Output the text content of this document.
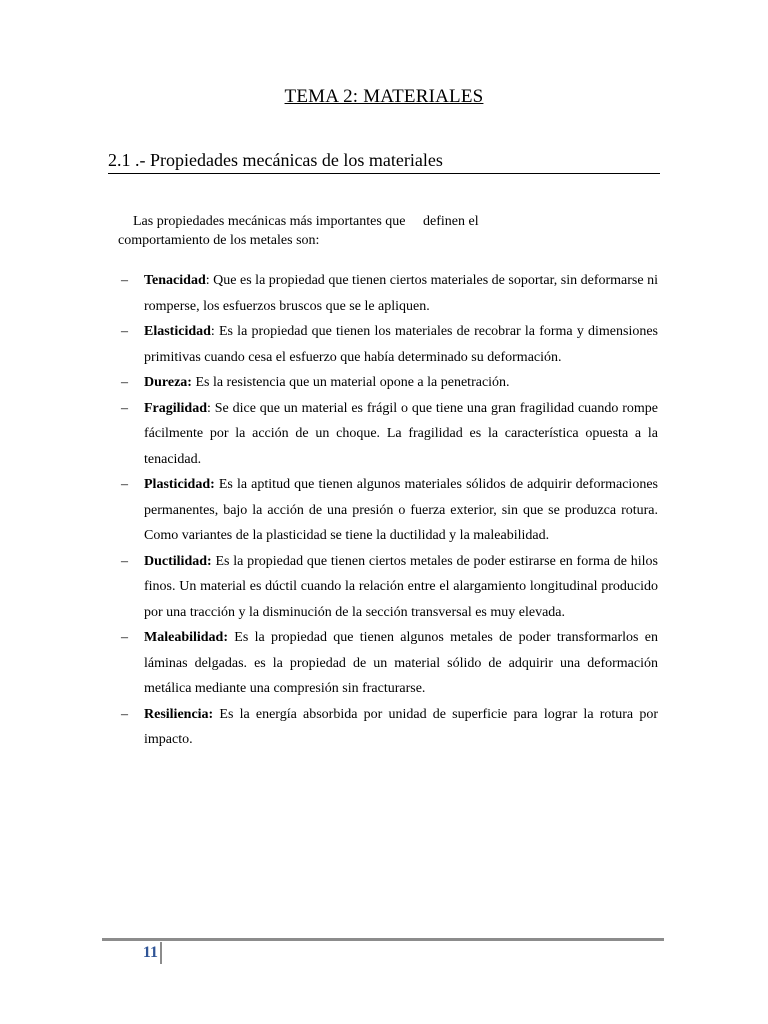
TEMA 2: MATERIALES
2.1 .- Propiedades mecánicas de los materiales
Las propiedades mecánicas más importantes que     definen el
comportamiento de los metales son:
– Tenacidad: Que es la propiedad que tienen ciertos materiales de soportar, sin deformarse ni romperse, los esfuerzos bruscos que se le apliquen.
– Elasticidad: Es la propiedad que tienen los materiales de recobrar la forma y dimensiones primitivas cuando cesa el esfuerzo que había determinado su deformación.
– Dureza: Es la resistencia que un material opone a la penetración.
– Fragilidad: Se dice que un material es frágil o que tiene una gran fragilidad cuando rompe fácilmente por la acción de un choque. La fragilidad es la característica opuesta a la tenacidad.
– Plasticidad: Es la aptitud que tienen algunos materiales sólidos de adquirir deformaciones permanentes, bajo la acción de una presión o fuerza exterior, sin que se produzca rotura. Como variantes de la plasticidad se tiene la ductilidad y la maleabilidad.
– Ductilidad: Es la propiedad que tienen ciertos metales de poder estirarse en forma de hilos finos. Un material es dúctil cuando la relación entre el alargamiento longitudinal producido por una tracción y la disminución de la sección transversal es muy elevada.
– Maleabilidad: Es la propiedad que tienen algunos metales de poder transformarlos en láminas delgadas. es la propiedad de un material sólido de adquirir una deformación metálica mediante una compresión sin fracturarse.
– Resiliencia: Es la energía absorbida por unidad de superficie para lograr la rotura por impacto.
11
